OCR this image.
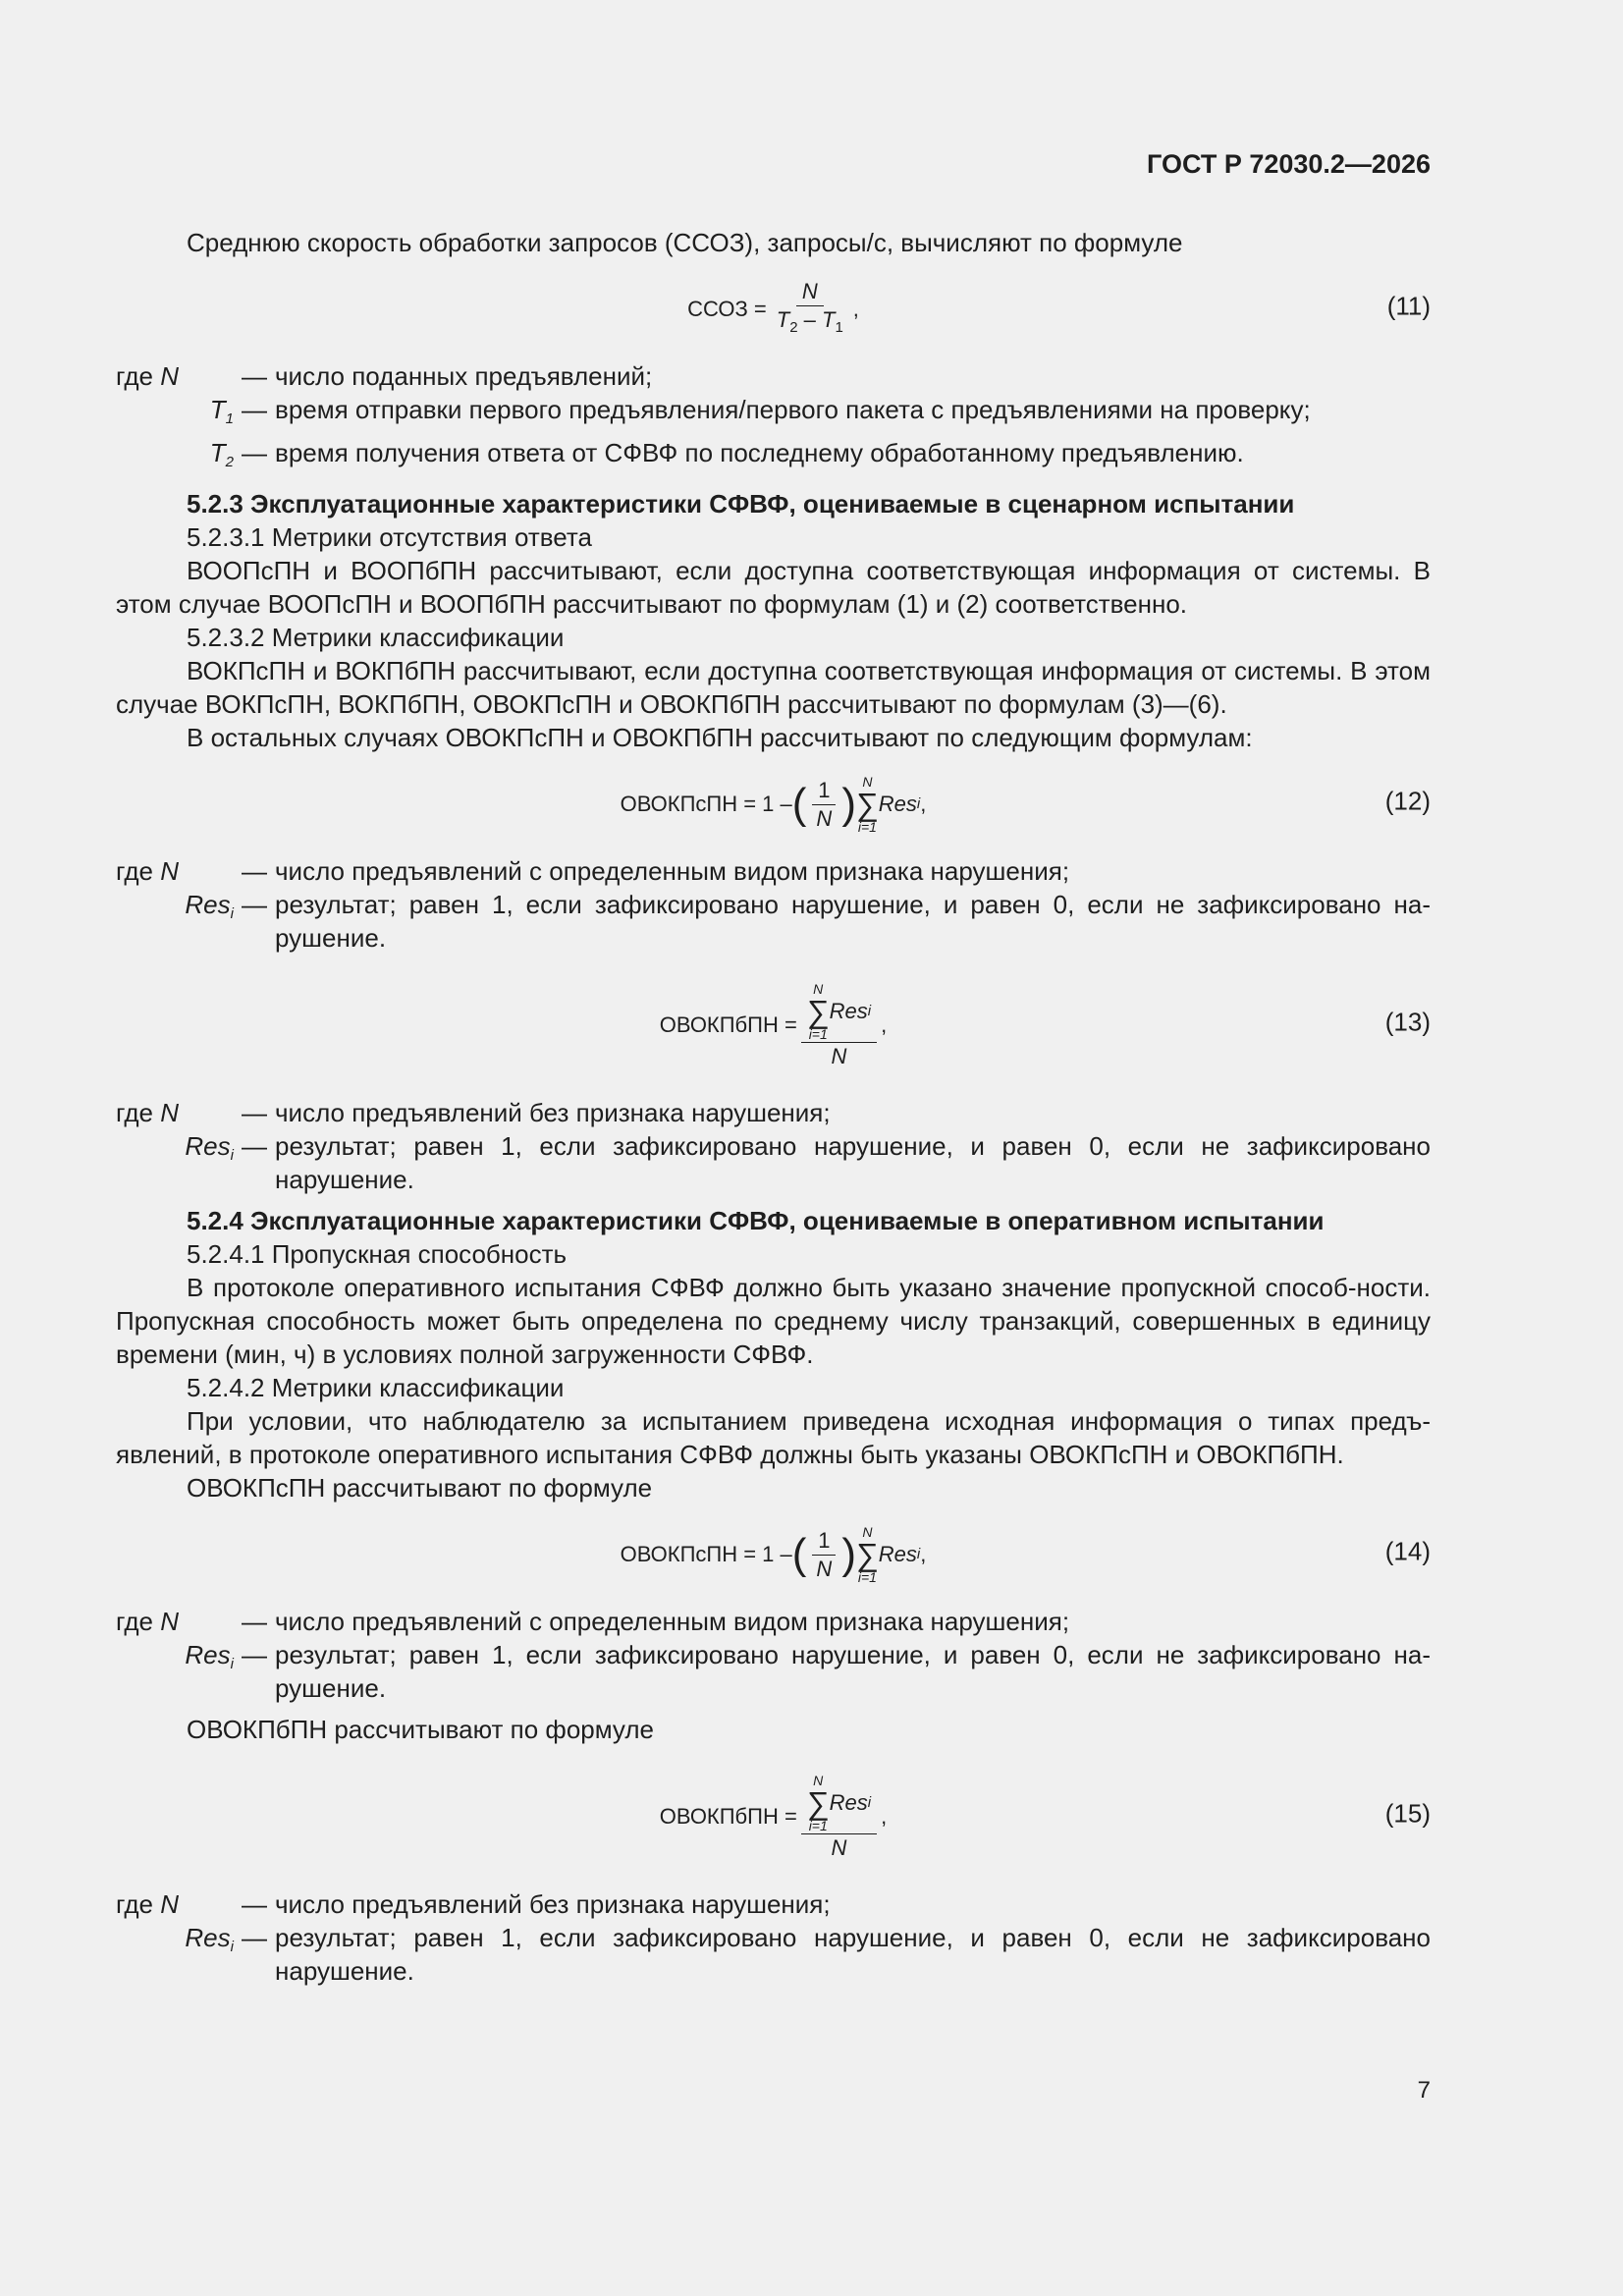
ГОСТ Р 72030.2—2026

Среднюю скорость обработки запросов (ССОЗ), запросы/с, вычисляют по формуле

ССОЗ = $\frac{N}{T_2 - T_1}$ ,	(11)
где N	— число поданных предъявлений;
$T_1$ — время отправки первого предъявления/первого пакета с предъявлениями на проверку;
$T_2$ — время получения ответа от СФВФ по последнему обработанному предъявлению.

5.2.3 Эксплуатационные характеристики СФВФ, оцениваемые в сценарном испытании

5.2.3.1 Метрики отсутствия ответа

ВООПсПН и ВООПбПН рассчитывают, если доступна соответствующая информация от системы. В этом случае ВООПсПН и ВООПбПН рассчитывают по формулам (1) и (2) соответственно.

5.2.3.2 Метрики классификации

ВОКПсПН и ВОКПбПН рассчитывают, если доступна соответствующая информация от системы. В этом случае ВОКПсПН, ВОКПбПН, ОВОКПсПН и ОВОКПбПН рассчитывают по формулам (3)—(6).

В остальных случаях ОВОКПсПН и ОВОКПбПН рассчитывают по следующим формулам:

ОВОКПсПН = 1 – ( $\frac{1}{N}$ ) N
∑
i=1
Res i ,	(12)
где N	— число предъявлений с определенным видом признака нарушения;
Res$_i$ — результат; равен 1, если зафиксировано нарушение, и равен 0, если не зафиксировано на-рушение.
ОВОКПбПН =
N
∑
i=1
Res i
N
,	(13)
где N	— число предъявлений без признака нарушения;
Res$_i$ — результат; равен 1, если зафиксировано нарушение, и равен 0, если не зафиксировано нарушение.

5.2.4 Эксплуатационные характеристики СФВФ, оцениваемые в оперативном испытании

5.2.4.1 Пропускная способность

В протоколе оперативного испытания СФВФ должно быть указано значение пропускной способ-ности. Пропускная способность может быть определена по среднему числу транзакций, совершенных в единицу времени (мин, ч) в условиях полной загруженности СФВФ.

5.2.4.2 Метрики классификации

При условии, что наблюдателю за испытанием приведена исходная информация о типах предъ-явлений, в протоколе оперативного испытания СФВФ должны быть указаны ОВОКПсПН и ОВОКПбПН.

ОВОКПсПН рассчитывают по формуле

ОВОКПсПН = 1 – ( $\frac{1}{N}$ ) N
∑
i=1
Res i ,	(14)
где N	— число предъявлений с определенным видом признака нарушения;
Res$_i$ — результат; равен 1, если зафиксировано нарушение, и равен 0, если не зафиксировано на-рушение.

ОВОКПбПН рассчитывают по формуле

ОВОКПбПН =
N
∑
i=1
Res i
N
,	(15)
где N	— число предъявлений без признака нарушения;
Res$_i$ — результат; равен 1, если зафиксировано нарушение, и равен 0, если не зафиксировано нарушение.
7
